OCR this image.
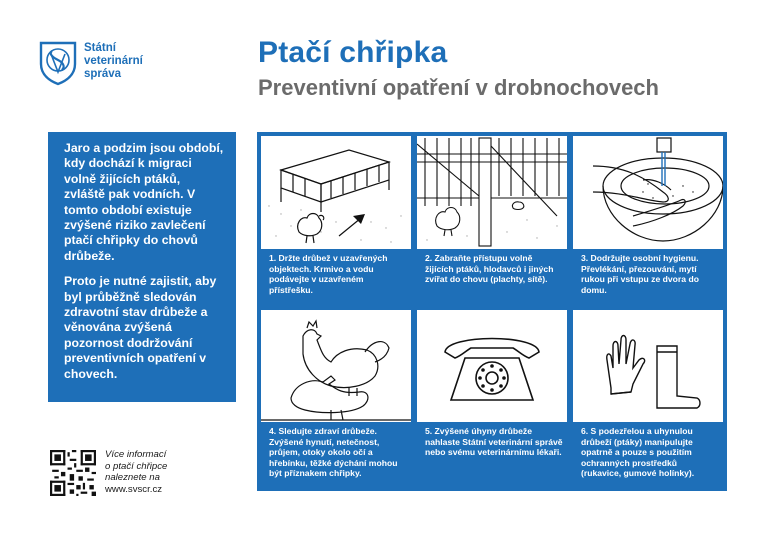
Státní
veterinární
správa
Ptačí chřipka
Preventivní opatření v drobnochovech

Jaro a podzim jsou období, kdy dochází k migraci volně žijících ptáků, zvláště pak vodních. V tomto období existuje zvýšené riziko zavlečení ptačí chřipky do chovů drůbeže.

Proto je nutné zajistit, aby byl průběžně sledován zdravotní stav drůbeže a věnována zvýšená pozornost dodržování preventivních opatření v chovech.

1. Držte drůbež v uzavřených objektech. Krmivo a vodu podávejte v uzavřeném přístřešku.
2. Zabraňte přístupu volně žijících ptáků, hlodavců i jiných zvířat do chovu (plachty, sítě).
3. Dodržujte osobní hygienu. Převlékání, přezouvání, mytí rukou při vstupu ze dvora do domu.
4. Sledujte zdraví drůbeže. Zvýšené hynutí, netečnost, průjem, otoky okolo očí a hřebínku, těžké dýchání mohou být příznakem chřipky.
5. Zvýšené úhyny drůbeže nahlaste Státní veterinární správě nebo svému veterinárnímu lékaři.
6. S podezřelou a uhynulou drůbeží (ptáky) manipulujte opatrně a pouze s použitím ochranných prostředků (rukavice, gumové holínky).
Více informací
o ptačí chřipce
naleznete na
www.svscr.cz
